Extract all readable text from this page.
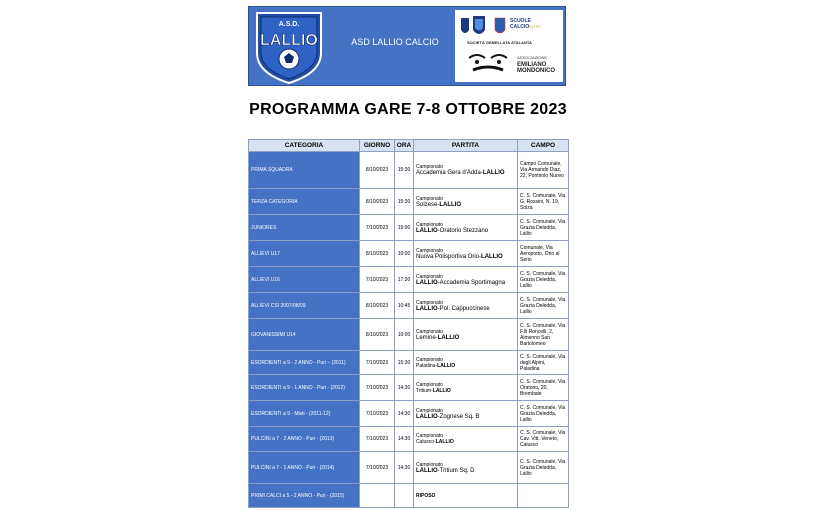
A.S.D.
LALLIO	ASD LALLIO CALCIO
SCUOLE
CALCIO ELITE
SOCIETÀ GEMELLATA ATALANTA
ASSOCIAZIONE
EMILIANO MONDONICO
PROGRAMMA GARE 7-8 OTTOBRE 2023
CATEGORIA	GIORNO	ORA	PARTITA	CAMPO
PRIMA SQUADRA	8/10/2023	15:30	Campionato
Accademia Gera d'Adda-LALLIO	Campo Comunale, Via Armando Diaz, 22, Pontirolo Nuovo
TERZA CATEGORIA	8/10/2023	15:30	Campionato
Solzese-LALLIO	C. S. Comunale, Via G. Rossini, N. 19, Solza
JUNIORES	7/10/2023	15:00	Campionato
LALLIO-Oratorio Stezzano	C. S. Comunale, Via Grazia Deledda, Lallio
ALLIEVI U17	8/10/2023	10:00	Campionato
Nuova Polisportiva Orio-LALLIO	Comunale, Via Aeroporto, Orio al Serio
ALLIEVI U16	7/10/2023	17:30	Campionato
LALLIO-Accademia Sportimagna	C. S. Comunale, Via Grazia Deledda, Lallio
ALLIEVI CSI 2007/08/09	8/10/2023	10:45	Campionato
LALLIO-Pol. Cappuccinese	C. S. Comunale, Via Grazia Deledda, Lallio
GIOVANISSIMI U14	8/10/2023	10:00	Campionato
Lemine-LALLIO	C. S. Comunale, Via F.lli Roncelli, 2, Almenno San Bartolomeo
ESORDIENTI a 9 - 2 ANNO - Puri – (2011)	7/10/2023	15:30	Campionato
Paladina-LALLIO	C. S. Comunale, Via degli Alpini, Paladina
ESORDIENTI a 9 - 1 ANNO - Puri - (2012)	7/10/2023	14:30	Campionato
Tritium-LALLIO	C. S. Comunale, Via Oratorio, 20, Brembate
ESORDIENTI a 9 - Misti - (2011-12)	7/10/2023	14:30	Campionato
LALLIO-Zognese Sq. B	C. S. Comunale, Via Grazia Deledda, Lallio
PULCINI a 7 - 2 ANNO - Puri - (2013)	7/10/2023	14:30	Campionato
Calusco-LALLIO	C. S. Comunale, Via Cav. Vitt. Veneto, Calusco
PULCINI a 7 - 1 ANNO - Puri - (2014)	7/10/2023	14:30	Campionato
LALLIO-Tritium Sq. D	C. S. Comunale, Via Grazia Deledda, Lallio
PRIMI CALCI a 5 - 2 ANNO - Puri - (2015)			RIPOSO	
